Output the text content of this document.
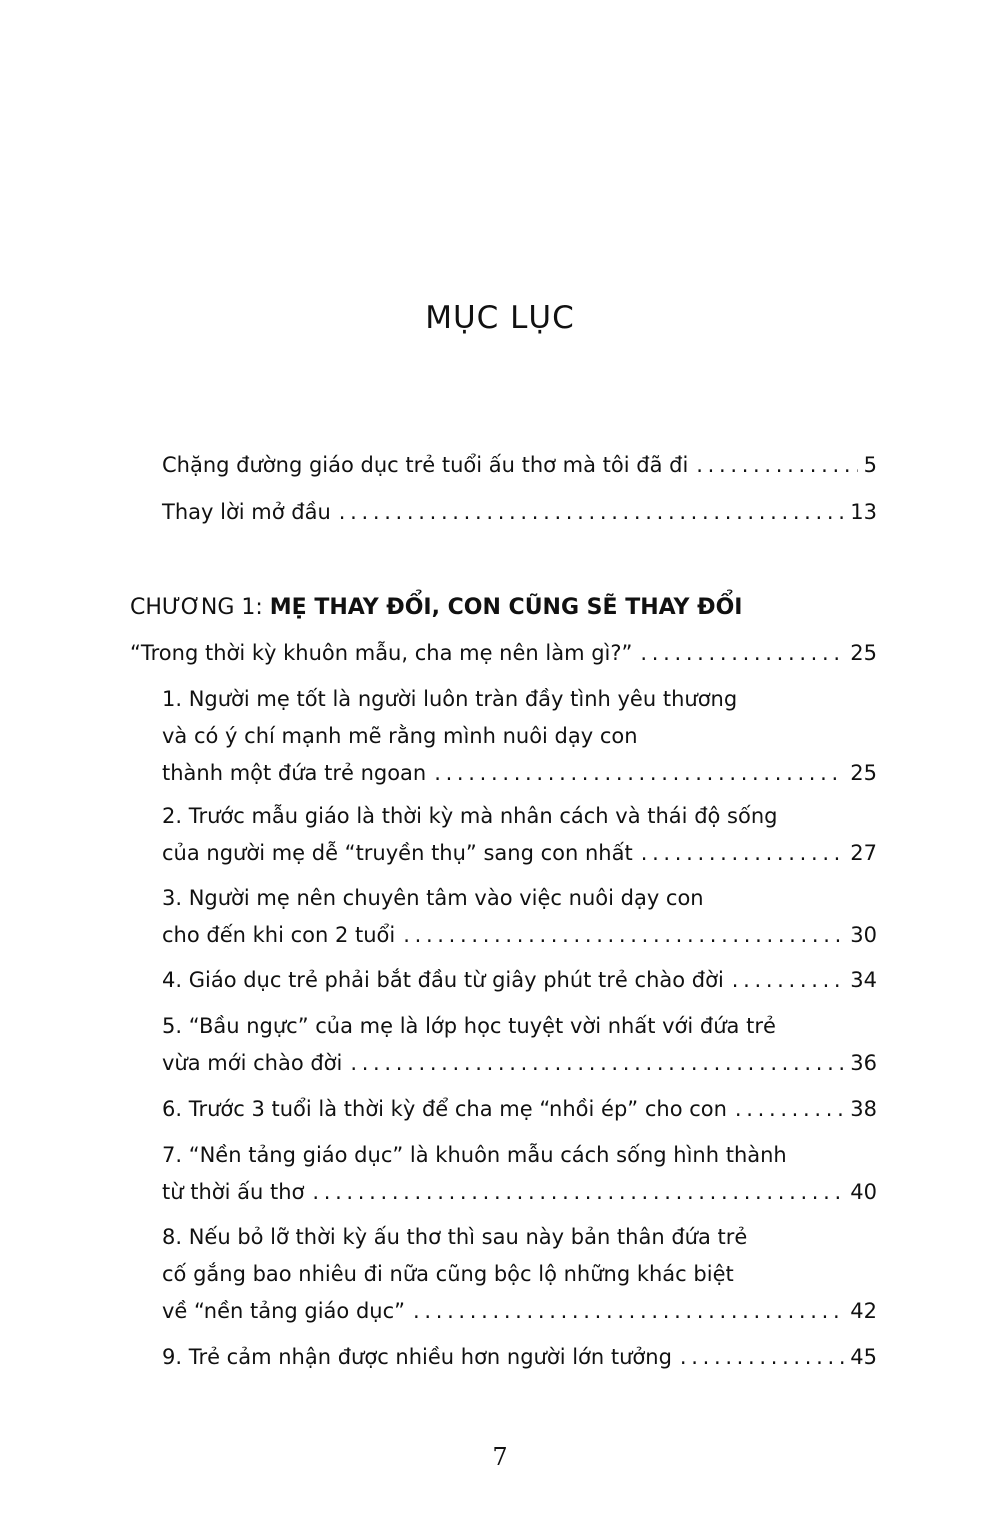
MỤC LỤC
Chặng đường giáo dục trẻ tuổi ấu thơ mà tôi đã đi . . .	5
Thay lời mở đầu . . .	13
CHƯƠNG 1: MẸ THAY ĐỔI, CON CŨNG SẼ THAY ĐỔI
“Trong thời kỳ khuôn mẫu, cha mẹ nên làm gì?” . . .	25
1. Người mẹ tốt là người luôn tràn đầy tình yêu thương
và có ý chí mạnh mẽ rằng mình nuôi dạy con
thành một đứa trẻ ngoan . . .	25
2. Trước mẫu giáo là thời kỳ mà nhân cách và thái độ sống
của người mẹ dễ “truyền thụ” sang con nhất . . .	27
3. Người mẹ nên chuyên tâm vào việc nuôi dạy con
cho đến khi con 2 tuổi . . .	30
4. Giáo dục trẻ phải bắt đầu từ giây phút trẻ chào đời . . .	34
5. “Bầu ngực” của mẹ là lớp học tuyệt vời nhất với đứa trẻ
vừa mới chào đời . . .	36
6. Trước 3 tuổi là thời kỳ để cha mẹ “nhồi ép” cho con . . .	38
7. “Nền tảng giáo dục” là khuôn mẫu cách sống hình thành
từ thời ấu thơ . . .	40
8. Nếu bỏ lỡ thời kỳ ấu thơ thì sau này bản thân đứa trẻ
cố gắng bao nhiêu đi nữa cũng bộc lộ những khác biệt
về “nền tảng giáo dục” . . .	42
9. Trẻ cảm nhận được nhiều hơn người lớn tưởng . . .	45
7
